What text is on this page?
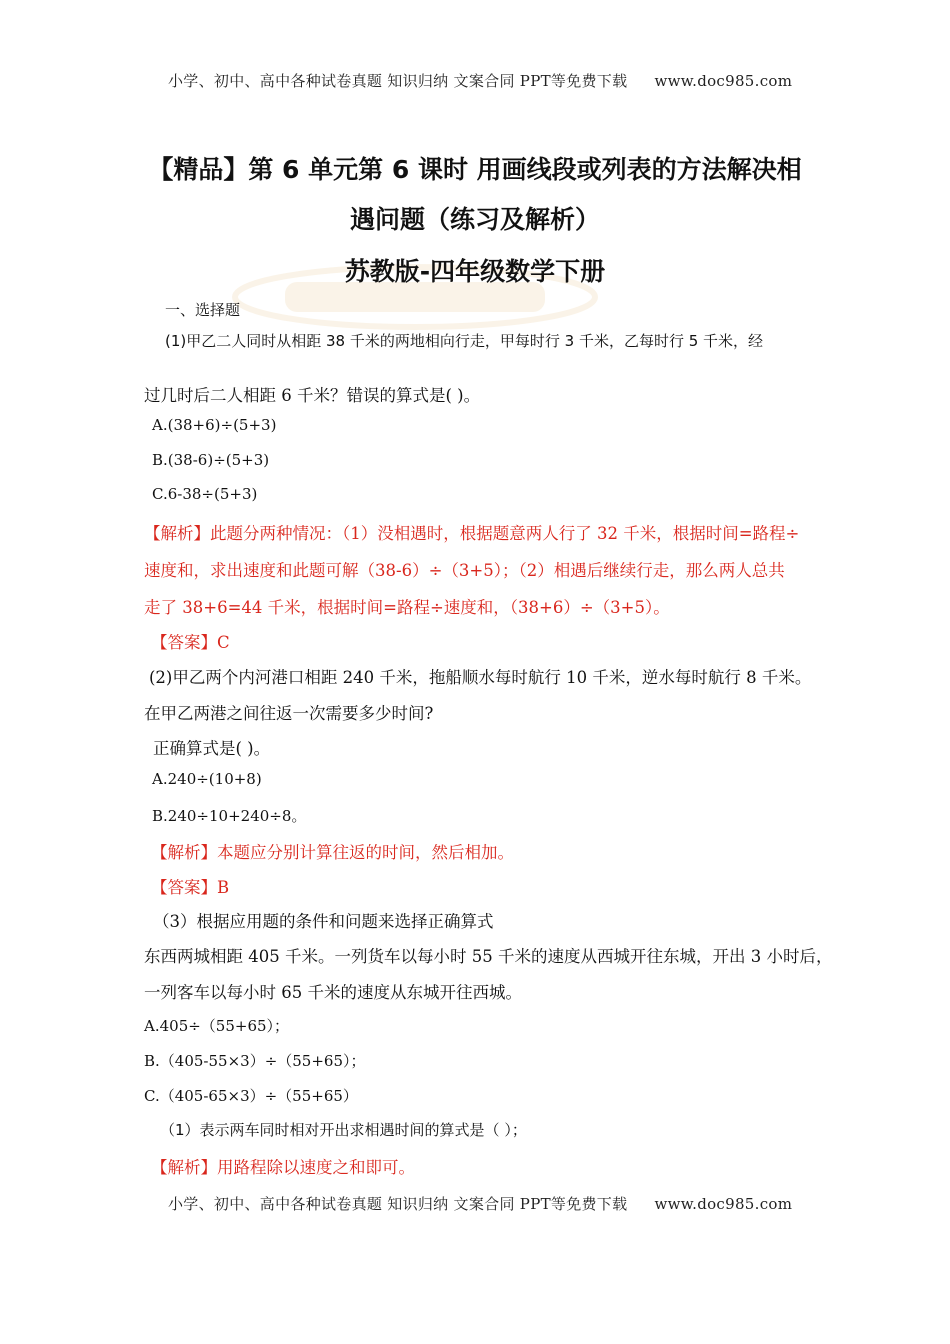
小学、初中、高中各种试卷真题 知识归纳 文案合同 PPT等免费下载 www.doc985.com
【精品】第 6 单元第 6 课时 用画线段或列表的方法解决相
遇问题（练习及解析）
苏教版-四年级数学下册
一、选择题
(1)甲乙二人同时从相距 38 千米的两地相向行走，甲每时行 3 千米，乙每时行 5 千米，经
过几时后二人相距 6 千米？错误的算式是( )。
A.(38+6)÷(5+3)
B.(38-6)÷(5+3)
C.6-38÷(5+3)
【解析】此题分两种情况：（1）没相遇时，根据题意两人行了 32 千米，根据时间=路程÷
速度和，求出速度和此题可解（38-6）÷（3+5）；（2）相遇后继续行走，那么两人总共
走了 38+6=44 千米，根据时间=路程÷速度和，（38+6）÷（3+5）。
【答案】C
(2)甲乙两个内河港口相距 240 千米，拖船顺水每时航行 10 千米，逆水每时航行 8 千米。
在甲乙两港之间往返一次需要多少时间?
正确算式是( )。
A.240÷(10+8)
B.240÷10+240÷8。
【解析】本题应分别计算往返的时间，然后相加。
【答案】B
（3）根据应用题的条件和问题来选择正确算式
东西两城相距 405 千米。一列货车以每小时 55 千米的速度从西城开往东城，开出 3 小时后，
一列客车以每小时 65 千米的速度从东城开往西城。
A.405÷（55+65）；
B.（405-55×3）÷（55+65）；
C.（405-65×3）÷（55+65）
（1）表示两车同时相对开出求相遇时间的算式是（ ）；
【解析】用路程除以速度之和即可。
小学、初中、高中各种试卷真题 知识归纳 文案合同 PPT等免费下载 www.doc985.com
